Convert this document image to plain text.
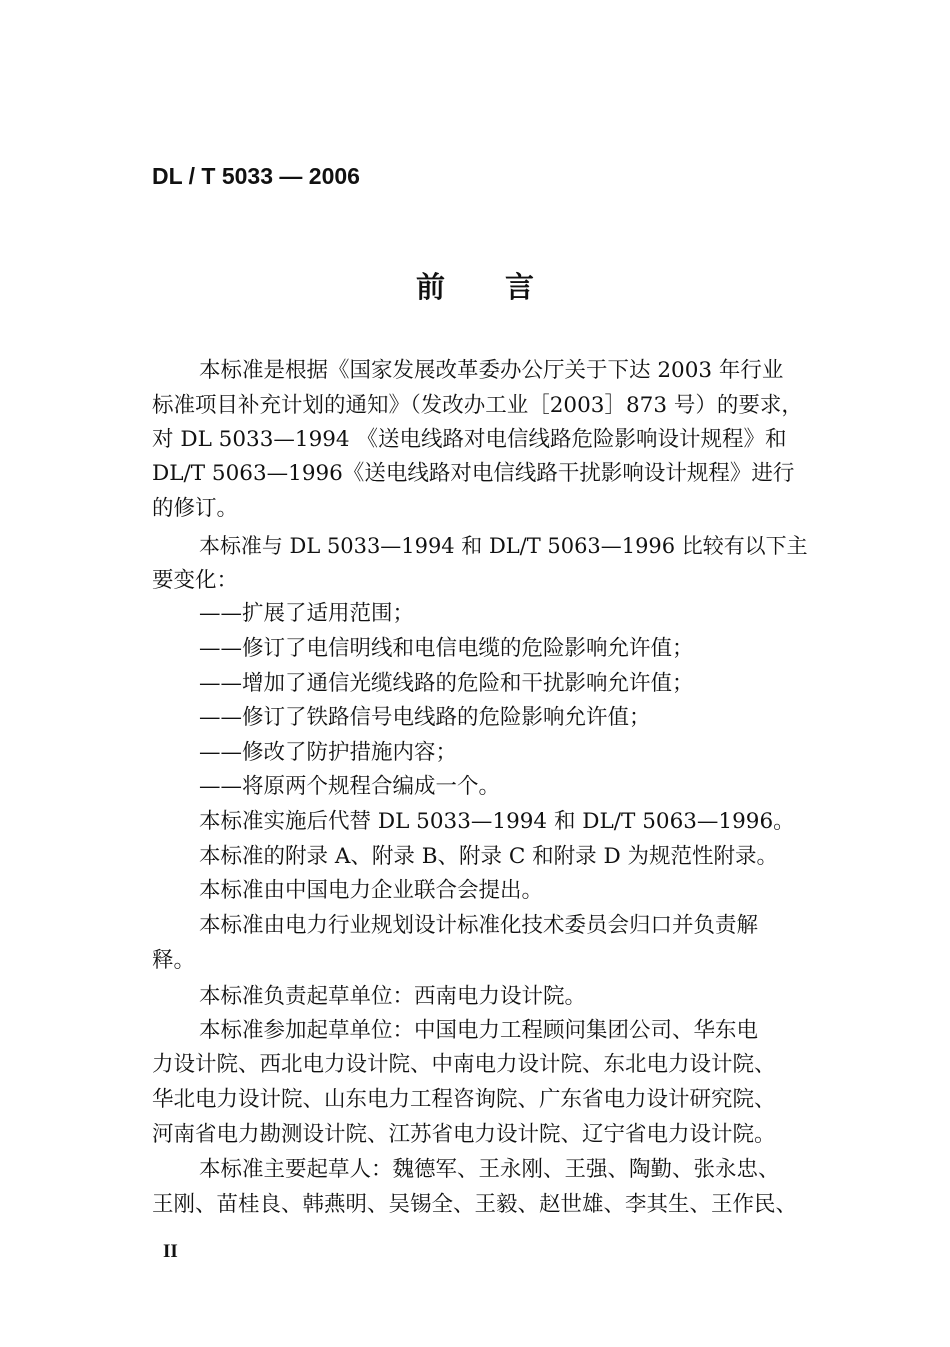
DL / T 5033 — 2006
前言
本标准是根据《国家发展改革委办公厅关于下达 2003 年行业
标准项目补充计划的通知》（发改办工业［2003］873 号）的要求，
对 DL 5033—1994 《送电线路对电信线路危险影响设计规程》和
DL/T 5063—1996《送电线路对电信线路干扰影响设计规程》进行
的修订。
本标准与 DL 5033—1994 和 DL/T 5063—1996 比较有以下主
要变化：
——扩展了适用范围；
——修订了电信明线和电信电缆的危险影响允许值；
——增加了通信光缆线路的危险和干扰影响允许值；
——修订了铁路信号电线路的危险影响允许值；
——修改了防护措施内容；
——将原两个规程合编成一个。
本标准实施后代替 DL 5033—1994 和 DL/T 5063—1996。
本标准的附录 A、附录 B、附录 C 和附录 D 为规范性附录。
本标准由中国电力企业联合会提出。
本标准由电力行业规划设计标准化技术委员会归口并负责解
释。
本标准负责起草单位：西南电力设计院。
本标准参加起草单位：中国电力工程顾问集团公司、华东电
力设计院、西北电力设计院、中南电力设计院、东北电力设计院、
华北电力设计院、山东电力工程咨询院、广东省电力设计研究院、
河南省电力勘测设计院、江苏省电力设计院、辽宁省电力设计院。
本标准主要起草人：魏德军、王永刚、王强、陶勤、张永忠、
王刚、苗桂良、韩燕明、吴锡全、王毅、赵世雄、李其生、王作民、
II
